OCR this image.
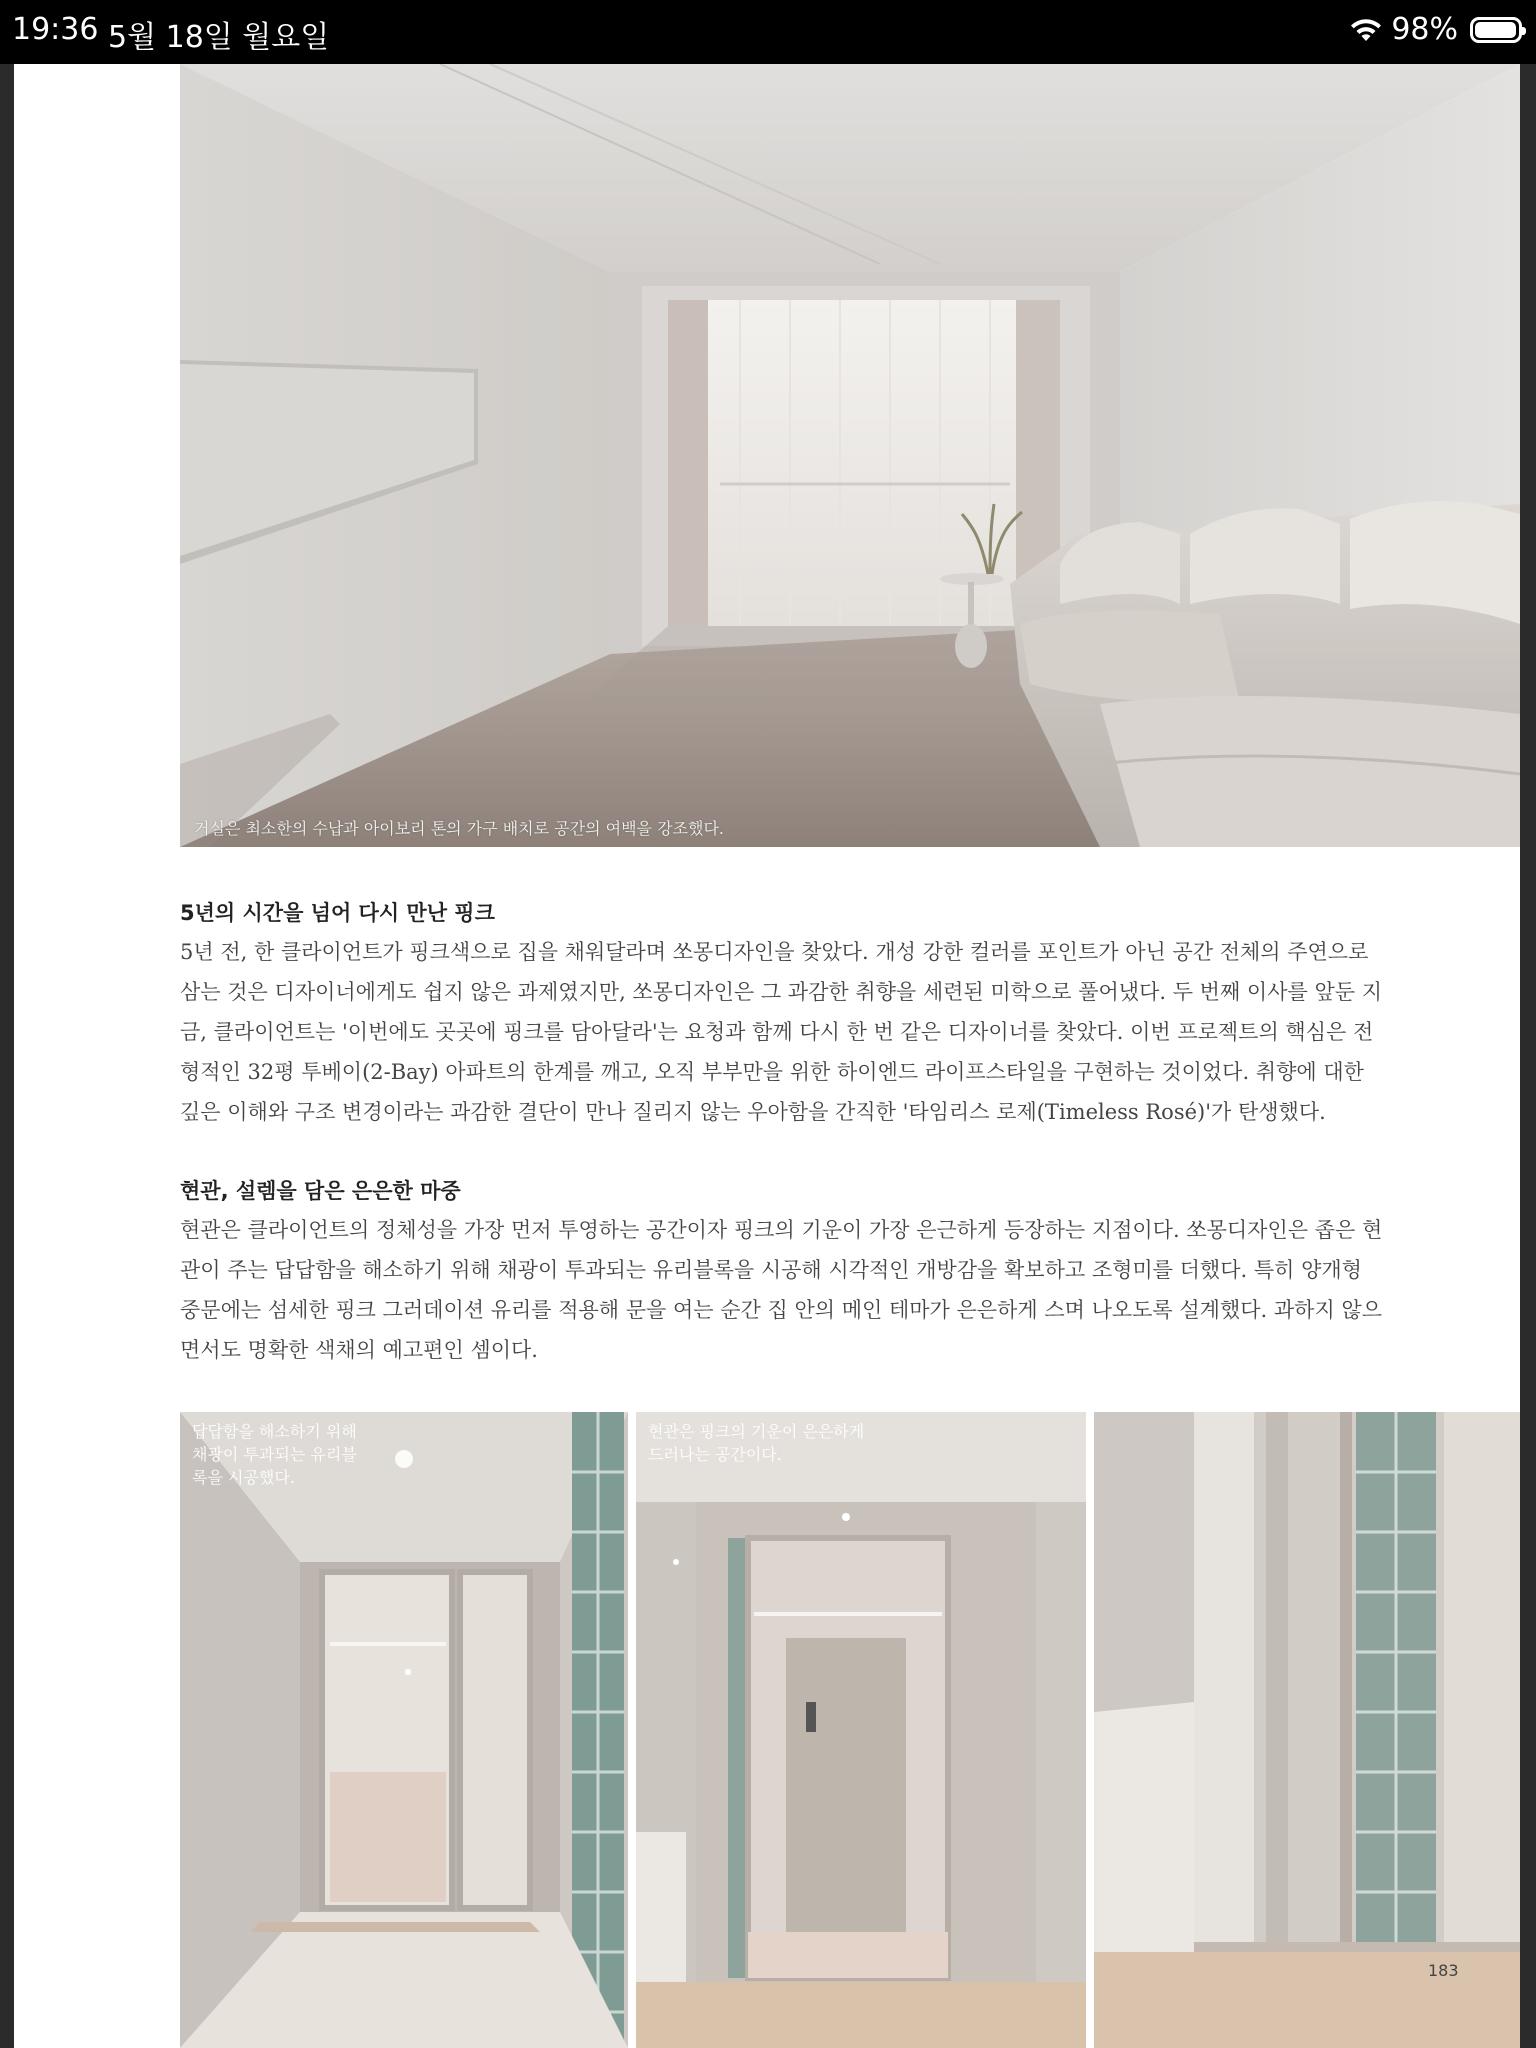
19:36 5월 18일 월요일	98%
거실은 최소한의 수납과 아이보리 톤의 가구 배치로 공간의 여백을 강조했다.
5년의 시간을 넘어 다시 만난 핑크

5년 전, 한 클라이언트가 핑크색으로 집을 채워달라며 쏘몽디자인을 찾았다. 개성 강한 컬러를 포인트가 아닌 공간 전체의 주연으로

삼는 것은 디자이너에게도 쉽지 않은 과제였지만, 쏘몽디자인은 그 과감한 취향을 세련된 미학으로 풀어냈다. 두 번째 이사를 앞둔 지

금, 클라이언트는 '이번에도 곳곳에 핑크를 담아달라'는 요청과 함께 다시 한 번 같은 디자이너를 찾았다. 이번 프로젝트의 핵심은 전

형적인 32평 투베이(2-Bay) 아파트의 한계를 깨고, 오직 부부만을 위한 하이엔드 라이프스타일을 구현하는 것이었다. 취향에 대한

깊은 이해와 구조 변경이라는 과감한 결단이 만나 질리지 않는 우아함을 간직한 '타임리스 로제(Timeless Rosé)'가 탄생했다.

현관, 설렘을 담은 은은한 마중

현관은 클라이언트의 정체성을 가장 먼저 투영하는 공간이자 핑크의 기운이 가장 은근하게 등장하는 지점이다. 쏘몽디자인은 좁은 현

관이 주는 답답함을 해소하기 위해 채광이 투과되는 유리블록을 시공해 시각적인 개방감을 확보하고 조형미를 더했다. 특히 양개형

중문에는 섬세한 핑크 그러데이션 유리를 적용해 문을 여는 순간 집 안의 메인 테마가 은은하게 스며 나오도록 설계했다. 과하지 않으

면서도 명확한 색채의 예고편인 셈이다.

답답함을 해소하기 위해
채광이 투과되는 유리블
록을 시공했다.
현관은 핑크의 기운이 은은하게
드러나는 공간이다.
183
